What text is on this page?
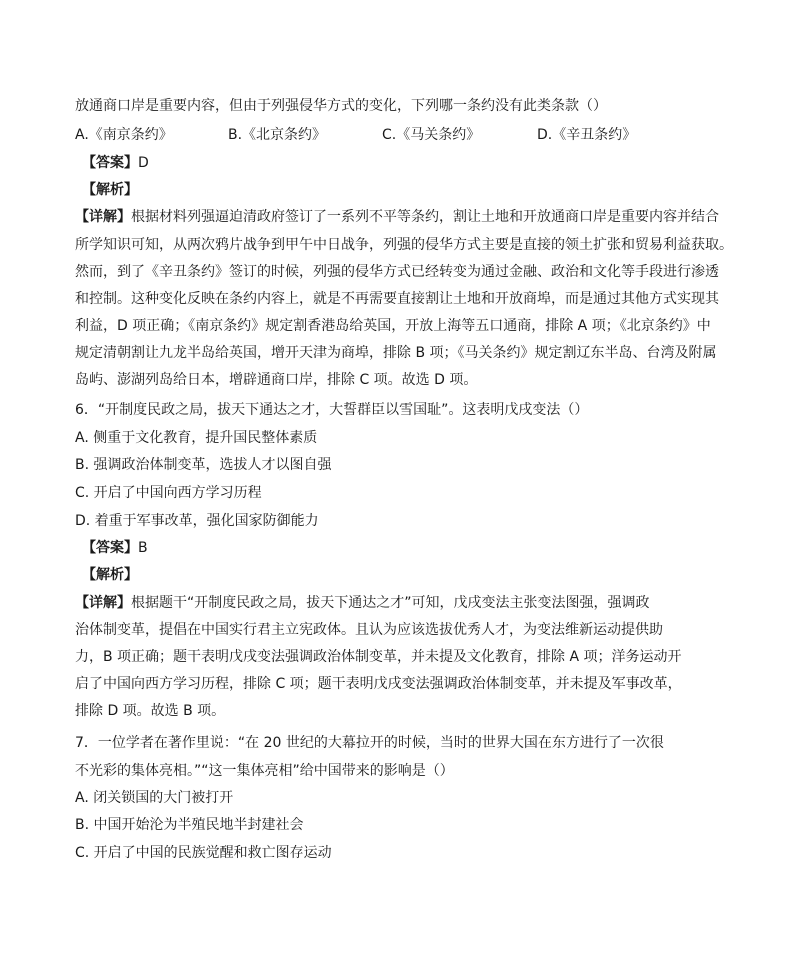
放通商口岸是重要内容，但由于列强侵华方式的变化，下列哪一条约没有此类条款（）
A.《南京条约》	B.《北京条约》	C.《马关条约》	D.《辛丑条约》
【答案】D
【解析】
【详解】根据材料列强逼迫清政府签订了一系列不平等条约，割让土地和开放通商口岸是重要内容并结合
所学知识可知，从两次鸦片战争到甲午中日战争，列强的侵华方式主要是直接的领土扩张和贸易利益获取。
然而，到了《辛丑条约》签订的时候，列强的侵华方式已经转变为通过金融、政治和文化等手段进行渗透
和控制。这种变化反映在条约内容上，就是不再需要直接割让土地和开放商埠，而是通过其他方式实现其
利益，D 项正确；《南京条约》规定割香港岛给英国，开放上海等五口通商，排除 A 项；《北京条约》中
规定清朝割让九龙半岛给英国，增开天津为商埠，排除 B 项；《马关条约》规定割辽东半岛、台湾及附属
岛屿、澎湖列岛给日本，增辟通商口岸，排除 C 项。故选 D 项。
6．“开制度民政之局，拔天下通达之才，大誓群臣以雪国耻”。这表明戊戌变法（）
A. 侧重于文化教育，提升国民整体素质
B. 强调政治体制变革，选拔人才以图自强
C. 开启了中国向西方学习历程
D. 着重于军事改革，强化国家防御能力
【答案】B
【解析】
【详解】根据题干“开制度民政之局，拔天下通达之才”可知，戊戌变法主张变法图强，强调政
治体制变革，提倡在中国实行君主立宪政体。且认为应该选拔优秀人才，为变法维新运动提供助
力，B 项正确；题干表明戊戌变法强调政治体制变革，并未提及文化教育，排除 A 项；洋务运动开
启了中国向西方学习历程，排除 C 项；题干表明戊戌变法强调政治体制变革，并未提及军事改革，
排除 D 项。故选 B 项。
7．一位学者在著作里说：“在 20 世纪的大幕拉开的时候，当时的世界大国在东方进行了一次很
不光彩的集体亮相。”“这一集体亮相”给中国带来的影响是（）
A. 闭关锁国的大门被打开
B. 中国开始沦为半殖民地半封建社会
C. 开启了中国的民族觉醒和救亡图存运动
